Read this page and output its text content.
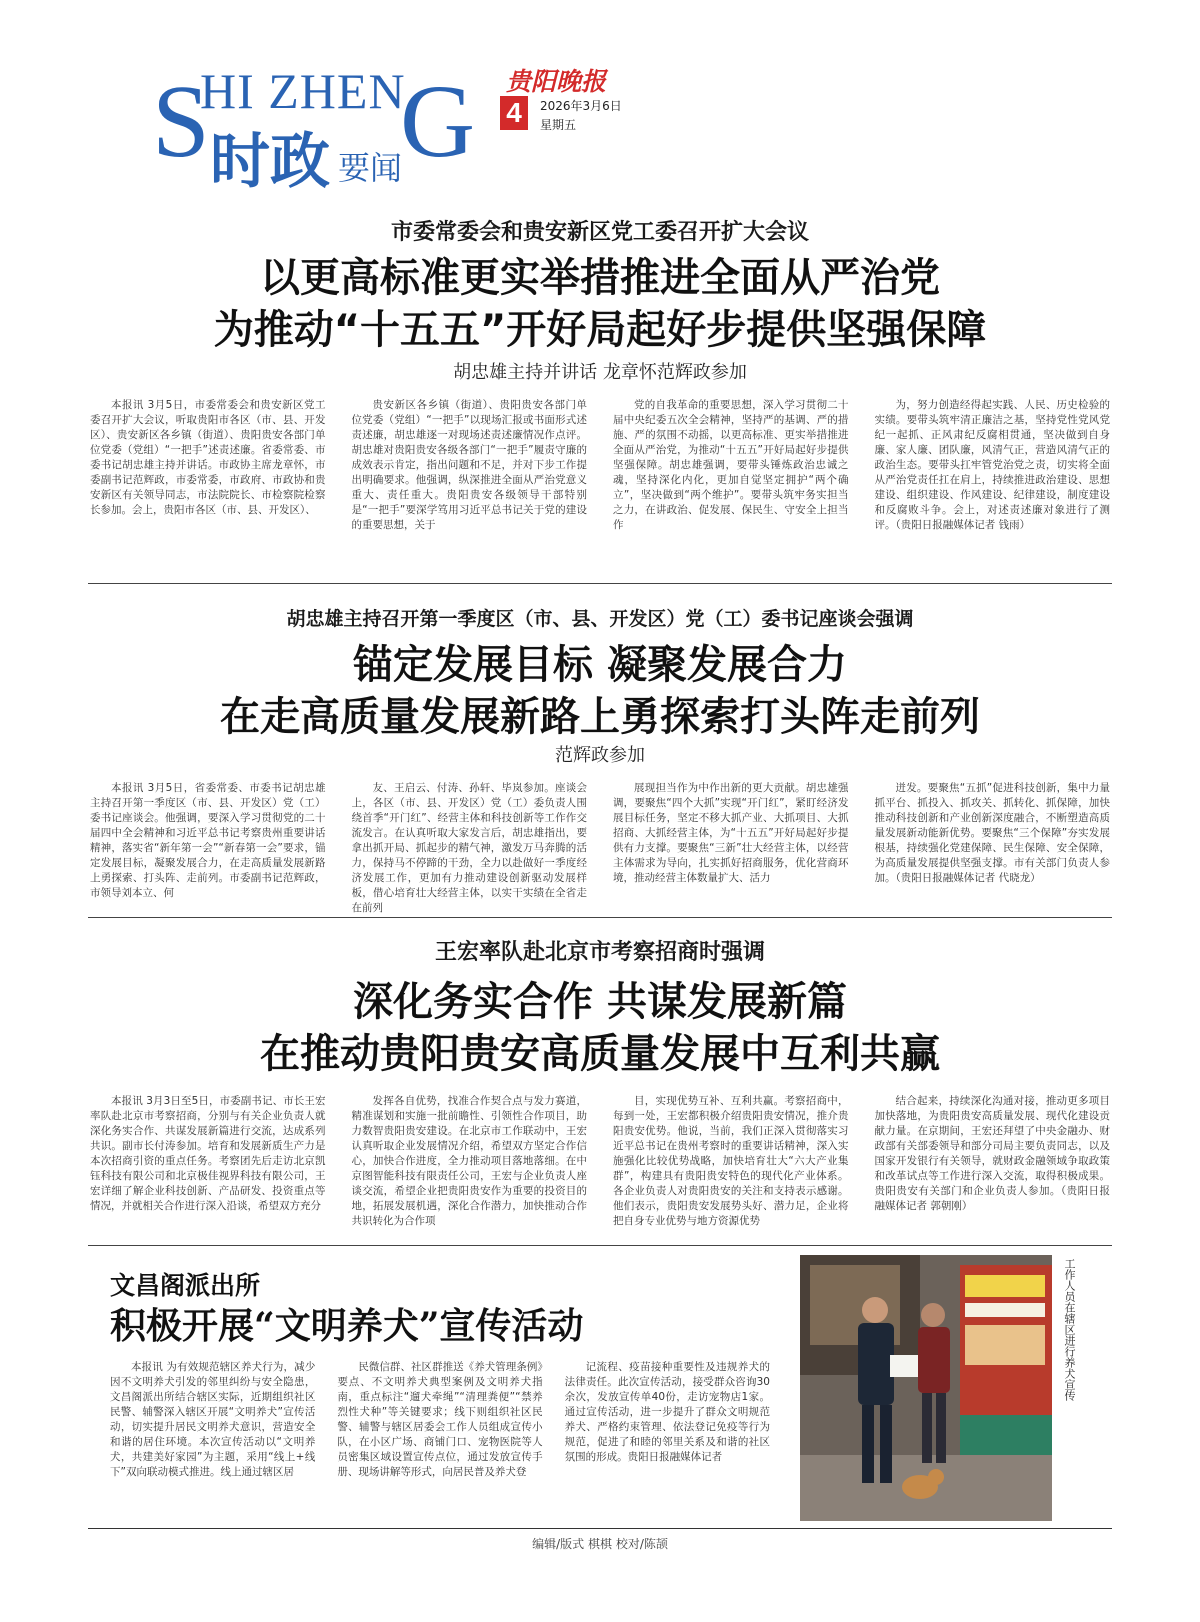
S
HI ZHEN
G
时政 要闻
贵阳晚报
4	2026年3月6日
星期五
市委常委会和贵安新区党工委召开扩大会议
以更高标准更实举措推进全面从严治党
为推动“十五五”开好局起好步提供坚强保障
胡忠雄主持并讲话 龙章怀范辉政参加

本报讯 3月5日，市委常委会和贵安新区党工委召开扩大会议，听取贵阳市各区（市、县、开发区）、贵安新区各乡镇（街道）、贵阳贵安各部门单位党委（党组）“一把手”述责述廉。省委常委、市委书记胡忠雄主持并讲话。市政协主席龙章怀，市委副书记范辉政，市委常委，市政府、市政协和贵安新区有关领导同志，市法院院长、市检察院检察长参加。会上，贵阳市各区（市、县、开发区）、

贵安新区各乡镇（街道）、贵阳贵安各部门单位党委（党组）“一把手”以现场汇报或书面形式述责述廉，胡忠雄逐一对现场述责述廉情况作点评。胡忠雄对贵阳贵安各级各部门“一把手”履责守廉的成效表示肯定，指出问题和不足，并对下步工作提出明确要求。他强调，纵深推进全面从严治党意义重大、责任重大。贵阳贵安各级领导干部特别是“一把手”要深学笃用习近平总书记关于党的建设的重要思想，关于

党的自我革命的重要思想，深入学习贯彻二十届中央纪委五次全会精神，坚持严的基调、严的措施、严的氛围不动摇，以更高标准、更实举措推进全面从严治党，为推动“十五五”开好局起好步提供坚强保障。胡忠雄强调，要带头锤炼政治忠诚之魂，坚持深化内化，更加自觉坚定拥护“两个确立”，坚决做到“两个维护”。要带头筑牢务实担当之力，在讲政治、促发展、保民生、守安全上担当作

为，努力创造经得起实践、人民、历史检验的实绩。要带头筑牢清正廉洁之基，坚持党性党风党纪一起抓、正风肃纪反腐相贯通，坚决做到自身廉、家人廉、团队廉，风清气正，营造风清气正的政治生态。要带头扛牢管党治党之责，切实将全面从严治党责任扛在肩上，持续推进政治建设、思想建设、组织建设、作风建设、纪律建设，制度建设和反腐败斗争。会上，对述责述廉对象进行了测评。（贵阳日报融媒体记者 钱雨）

胡忠雄主持召开第一季度区（市、县、开发区）党（工）委书记座谈会强调
锚定发展目标 凝聚发展合力
在走高质量发展新路上勇探索打头阵走前列
范辉政参加

本报讯 3月5日，省委常委、市委书记胡忠雄主持召开第一季度区（市、县、开发区）党（工）委书记座谈会。他强调，要深入学习贯彻党的二十届四中全会精神和习近平总书记考察贵州重要讲话精神，落实省“新年第一会”“新春第一会”要求，锚定发展目标，凝聚发展合力，在走高质量发展新路上勇探索、打头阵、走前列。市委副书记范辉政，市领导刘本立、何

友、王启云、付涛、孙轩、毕岚参加。座谈会上，各区（市、县、开发区）党（工）委负责人围绕首季“开门红”、经营主体和科技创新等工作作交流发言。在认真听取大家发言后，胡忠雄指出，要拿出抓开局、抓起步的精气神，激发万马奔腾的活力，保持马不停蹄的干劲，全力以赴做好一季度经济发展工作，更加有力推动建设创新驱动发展样板，借心培育壮大经营主体，以实干实绩在全省走在前列

展现担当作为中作出新的更大贡献。胡忠雄强调，要聚焦“四个大抓”实现“开门红”，紧盯经济发展目标任务，坚定不移大抓产业、大抓项目、大抓招商、大抓经营主体，为“十五五”开好局起好步提供有力支撑。要聚焦“三新”壮大经营主体，以经营主体需求为导向，扎实抓好招商服务，优化营商环境，推动经营主体数量扩大、活力

迸发。要聚焦“五抓”促进科技创新，集中力量抓平台、抓投入、抓攻关、抓转化、抓保障，加快推动科技创新和产业创新深度融合，不断塑造高质量发展新动能新优势。要聚焦“三个保障”夯实发展根基，持续强化党建保障、民生保障、安全保障，为高质量发展提供坚强支撑。市有关部门负责人参加。（贵阳日报融媒体记者 代晓龙）

王宏率队赴北京市考察招商时强调
深化务实合作 共谋发展新篇
在推动贵阳贵安高质量发展中互利共赢

本报讯 3月3日至5日，市委副书记、市长王宏率队赴北京市考察招商，分别与有关企业负责人就深化务实合作、共谋发展新篇进行交流，达成系列共识。副市长付涛参加。培育和发展新质生产力是本次招商引资的重点任务。考察团先后走访北京凯钰科技有限公司和北京极佳视界科技有限公司，王宏详细了解企业科技创新、产品研发、投资重点等情况，并就相关合作进行深入沿谈，希望双方充分

发挥各自优势，找准合作契合点与发力赛道，精准谋划和实施一批前瞻性、引领性合作项目，助力数智贵阳贵安建设。在北京市工作联动中，王宏认真听取企业发展情况介绍，希望双方坚定合作信心，加快合作进度，全力推动项目落地落细。在中京图智能科技有限责任公司，王宏与企业负责人座谈交流，希望企业把贵阳贵安作为重要的投资目的地，拓展发展机遇，深化合作潜力，加快推动合作共识转化为合作项

目，实现优势互补、互利共赢。考察招商中，每到一处，王宏都积极介绍贵阳贵安情况，推介贵阳贵安优势。他说，当前，我们正深入贯彻落实习近平总书记在贵州考察时的重要讲话精神，深入实施强化比较优势战略，加快培育壮大“六大产业集群”，构建具有贵阳贵安特色的现代化产业体系。各企业负责人对贵阳贵安的关注和支持表示感谢。他们表示，贵阳贵安发展势头好、潜力足，企业将把自身专业优势与地方资源优势

结合起来，持续深化沟通对接，推动更多项目加快落地，为贵阳贵安高质量发展、现代化建设贡献力量。在京期间，王宏还拜望了中央金融办、财政部有关部委领导和部分司局主要负责同志，以及国家开发银行有关领导，就财政金融领域争取政策和改革试点等工作进行深入交流，取得积极成果。贵阳贵安有关部门和企业负责人参加。（贵阳日报融媒体记者 郭朝刚）

文昌阁派出所
积极开展“文明养犬”宣传活动

本报讯 为有效规范辖区养犬行为，减少因不文明养犬引发的邻里纠纷与安全隐患，文昌阁派出所结合辖区实际，近期组织社区民警、辅警深入辖区开展“文明养犬”宣传活动，切实提升居民文明养犬意识，营造安全和谐的居住环境。本次宣传活动以“文明养犬，共建美好家园”为主题，采用“线上+线下”双向联动模式推进。线上通过辖区居

民微信群、社区群推送《养犬管理条例》要点、不文明养犬典型案例及文明养犬指南，重点标注“遛犬牵绳”“清理粪便”“禁养烈性犬种”等关键要求；线下则组织社区民警、辅警与辖区居委会工作人员组成宣传小队，在小区广场、商铺门口、宠物医院等人员密集区域设置宣传点位，通过发放宣传手册、现场讲解等形式，向居民普及养犬登

记流程、疫苗接种重要性及违规养犬的法律责任。此次宣传活动，接受群众咨询30余次，发放宣传单40份，走访宠物店1家。通过宣传活动，进一步提升了群众文明规范养犬、严格约束管理、依法登记免疫等行为规范，促进了和睦的邻里关系及和谐的社区氛围的形成。贵阳日报融媒体记者

工作人员在辖区进行养犬宣传
编辑/版式 棋棋 校对/陈颉
